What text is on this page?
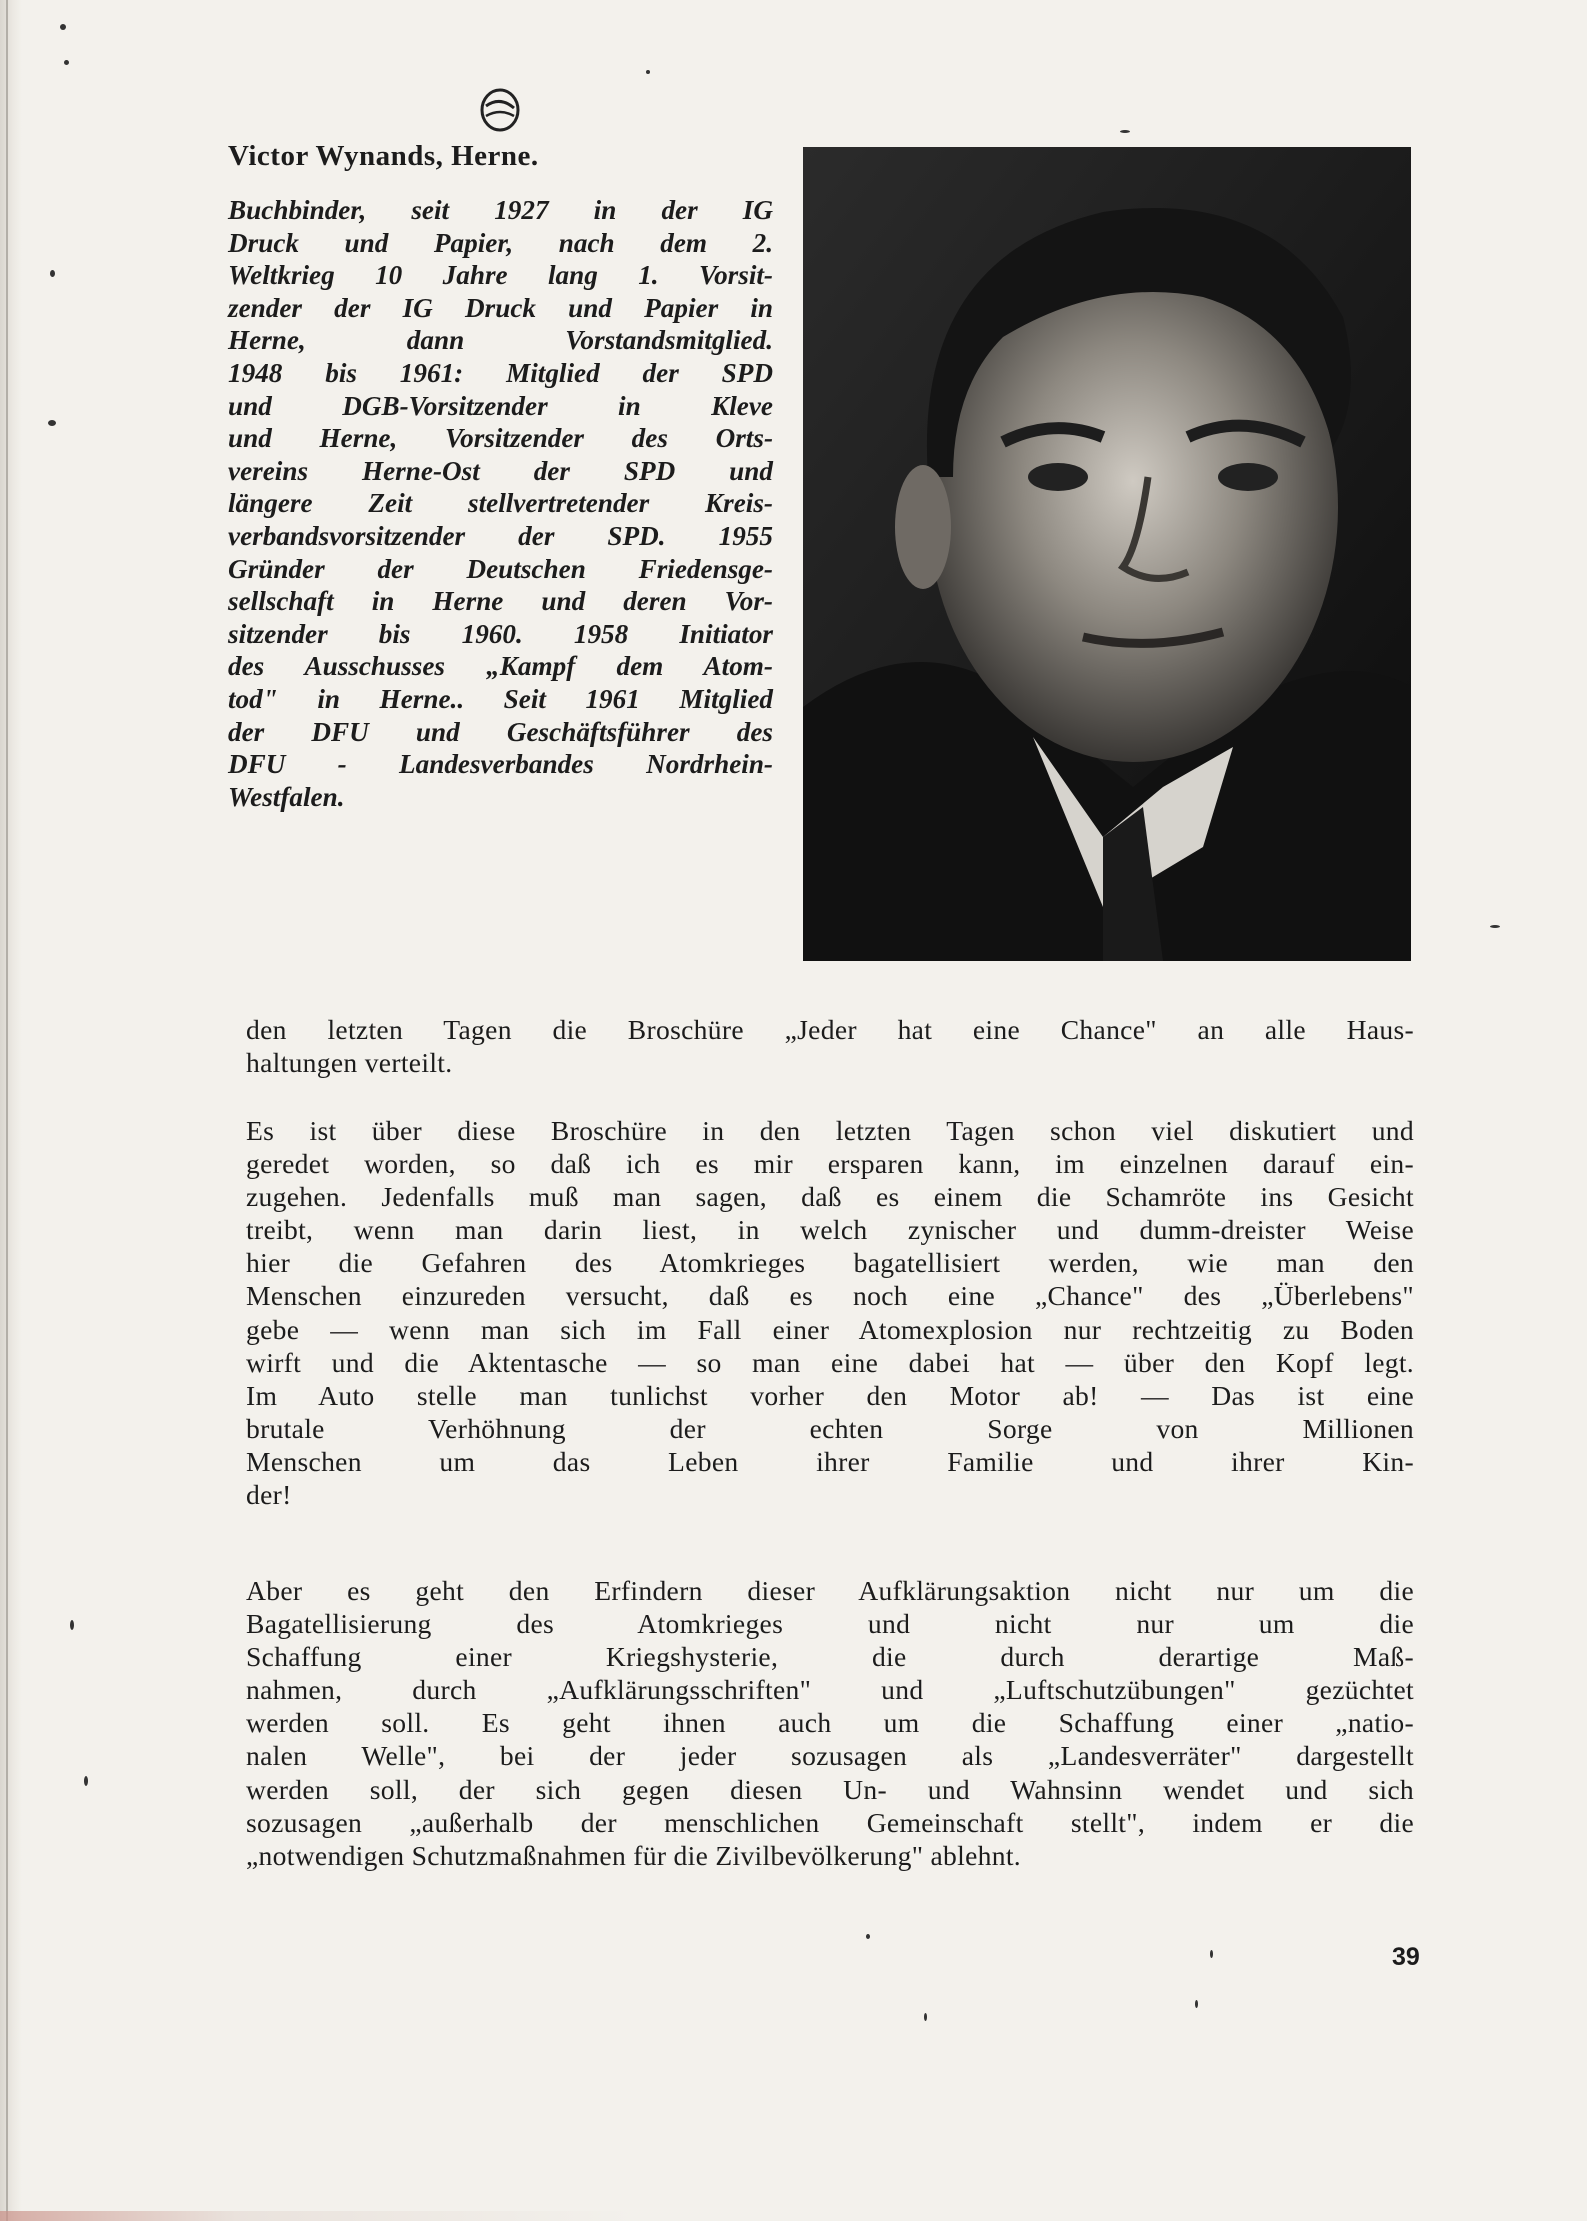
Victor Wynands, Herne.
Buchbinder, seit 1927 in der IG
Druck und Papier, nach dem 2.
Weltkrieg 10 Jahre lang 1. Vorsit-
zender der IG Druck und Papier in
Herne, dann Vorstandsmitglied.
1948 bis 1961: Mitglied der SPD
und DGB-Vorsitzender in Kleve
und Herne, Vorsitzender des Orts-
vereins Herne-Ost der SPD und
längere Zeit stellvertretender Kreis-
verbandsvorsitzender der SPD. 1955
Gründer der Deutschen Friedensge-
sellschaft in Herne und deren Vor-
sitzender bis 1960. 1958 Initiator
des Ausschusses „Kampf dem Atom-
tod" in Herne.. Seit 1961 Mitglied
der DFU und Geschäftsführer des
DFU - Landesverbandes Nordrhein-
Westfalen.
den letzten Tagen die Broschüre „Jeder hat eine Chance" an alle Haus-
haltungen verteilt.
Es ist über diese Broschüre in den letzten Tagen schon viel diskutiert und
geredet worden, so daß ich es mir ersparen kann, im einzelnen darauf ein-
zugehen. Jedenfalls muß man sagen, daß es einem die Schamröte ins Gesicht
treibt, wenn man darin liest, in welch zynischer und dumm-dreister Weise
hier die Gefahren des Atomkrieges bagatellisiert werden, wie man den
Menschen einzureden versucht, daß es noch eine „Chance" des „Überlebens"
gebe — wenn man sich im Fall einer Atomexplosion nur rechtzeitig zu Boden
wirft und die Aktentasche — so man eine dabei hat — über den Kopf legt.
Im Auto stelle man tunlichst vorher den Motor ab! — Das ist eine
brutale Verhöhnung der echten Sorge von Millionen
Menschen um das Leben ihrer Familie und ihrer Kin-
der!
Aber es geht den Erfindern dieser Aufklärungsaktion nicht nur um die
Bagatellisierung des Atomkrieges und nicht nur um die
Schaffung einer Kriegshysterie, die durch derartige Maß-
nahmen, durch „Aufklärungsschriften" und „Luftschutzübungen" gezüchtet
werden soll. Es geht ihnen auch um die Schaffung einer „natio-
nalen Welle", bei der jeder sozusagen als „Landesverräter" dargestellt
werden soll, der sich gegen diesen Un- und Wahnsinn wendet und sich
sozusagen „außerhalb der menschlichen Gemeinschaft stellt", indem er die
„notwendigen Schutzmaßnahmen für die Zivilbevölkerung" ablehnt.
39
